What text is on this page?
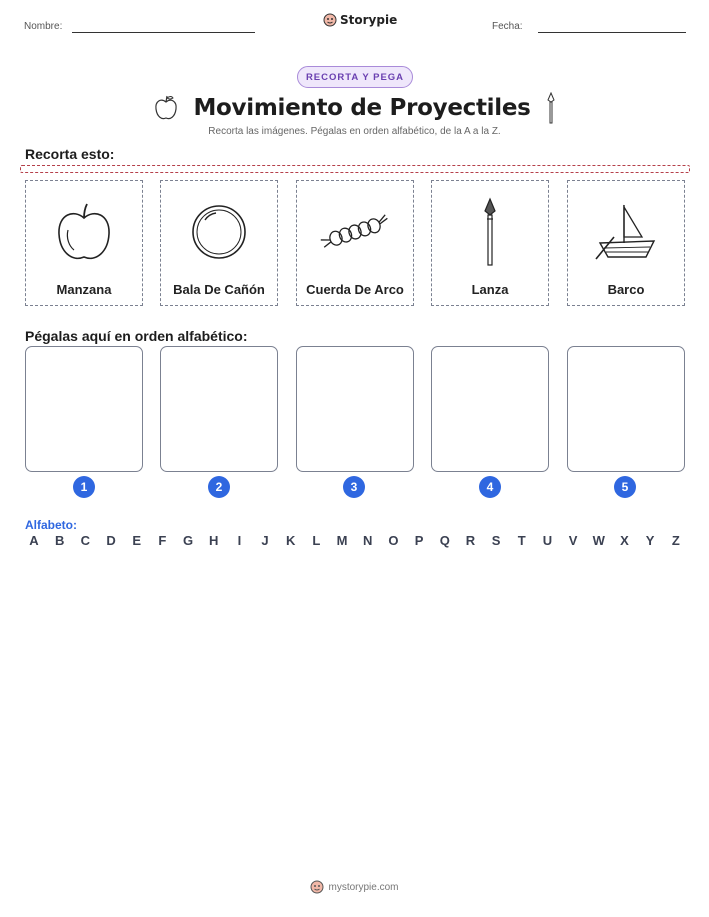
Nombre:	Storypie	Fecha:
RECORTA Y PEGA
Movimiento de Proyectiles
Recorta las imágenes. Pégalas en orden alfabético, de la A a la Z.
Recorta esto:
Manzana	Bala De Cañón	Cuerda De Arco	Lanza	Barco
Pégalas aquí en orden alfabético:
1	2	3	4	5
Alfabeto:
A	B	C	D	E	F	G	H	I	J	K	L	M	N	O	P	Q	R	S	T	U	V	W	X	Y	Z
mystorypie.com
